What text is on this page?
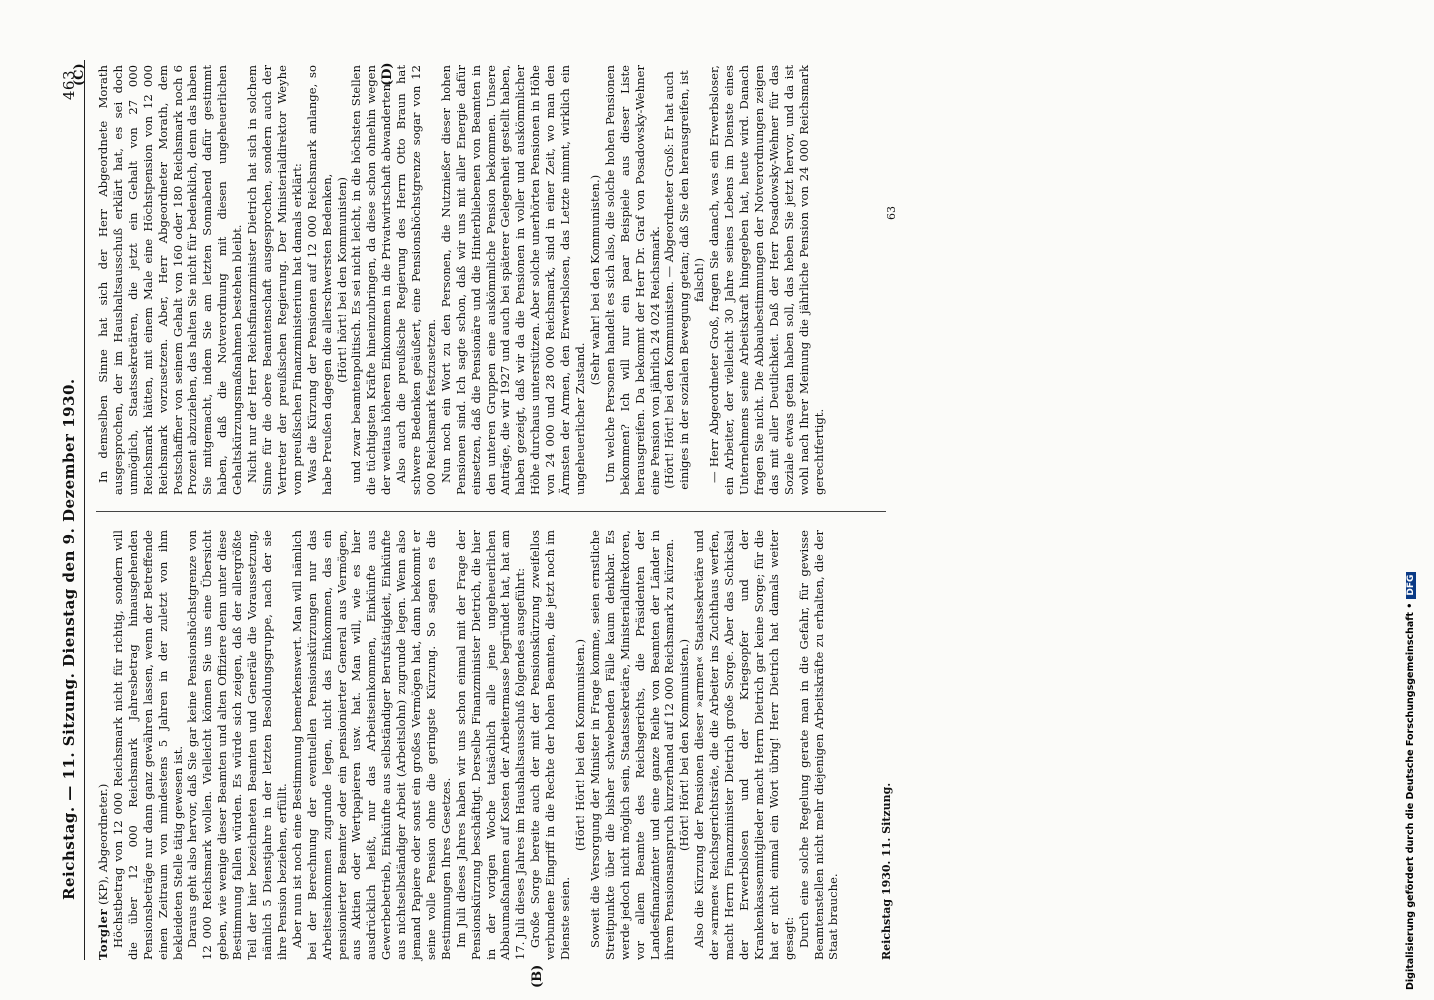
Reichstag. — 11. Sitzung. Dienstag den 9. Dezember 1930.
463

Torgler (KP), Abgeordneter.) Höchstbetrag von 12 000 Reichsmark nicht für richtig, sondern will die über 12 000 Reichsmark Jahresbetrag hinausgehenden Pensionsbeträge nur dann ganz gewähren lassen, wenn der Betreffende einen Zeitraum von mindestens 5 Jahren in der zuletzt von ihm bekleideten Stelle tätig gewesen ist. Daraus geht also hervor, daß Sie gar keine Pensionshöchstgrenze von 12 000 Reichsmark wollen. Vielleicht können Sie uns eine Übersicht geben, wie wenige dieser Beamten und alten Offiziere denn unter diese Bestimmung fallen würden. Es würde sich zeigen, daß der allergrößte Teil der hier bezeichneten Beamten und Generäle die Voraussetzung, nämlich 5 Dienstjahre in der letzten Besoldungsgruppe, nach der sie ihre Pension beziehen, erfüllt. Aber nun ist noch eine Bestimmung bemerkenswert. Man will nämlich bei der Berechnung der eventuellen Pensionskürzungen nur das Arbeitseinkommen zugrunde legen, nicht das Einkommen, das ein pensionierter Beamter oder ein pensionierter General aus Vermögen, aus Aktien oder Wertpapieren usw. hat. Man will, wie es hier ausdrücklich heißt, nur das Arbeitseinkommen, Einkünfte aus Gewerbebetrieb, Einkünfte aus selbständiger Berufstätigkeit, Einkünfte aus nichtselbständiger Arbeit (Arbeitslohn) zugrunde legen. Wenn also jemand Papiere oder sonst ein großes Vermögen hat, dann bekommt er seine volle Pension ohne die geringste Kürzung. So sagen es die Bestimmungen Ihres Gesetzes. Im Juli dieses Jahres haben wir uns schon einmal mit der Frage der Pensionskürzung beschäftigt. Derselbe Finanzminister Dietrich, die hier in der vorigen Woche tatsächlich alle jene ungeheuerlichen Abbaumaßnahmen auf Kosten der Arbeitermasse begründet hat, hat am 17. Juli dieses Jahres im Haushaltsausschuß folgendes ausgeführt: Große Sorge bereite auch der mit der Pensionskürzung zweifellos verbundene Eingriff in die Rechte der hohen Beamten, die jetzt noch im Dienste seien.

(Hört! Hört! bei den Kommunisten.) Soweit die Versorgung der Minister in Frage komme, seien ernstliche Streitpunkte über die bisher schwebenden Fälle kaum denkbar. Es werde jedoch nicht möglich sein, Staatssekretäre, Ministerialdirektoren, vor allem Beamte des Reichsgerichts, die Präsidenten der Landesfinanzämter und eine ganze Reihe von Beamten der Länder in ihrem Pensionsanspruch kurzerhand auf 12 000 Reichsmark zu kürzen. (Hört! Hört! bei den Kommunisten.) Also die Kürzung der Pensionen dieser »armen« Staatssekretäre und der »armen« Reichsgerichtsräte, die die Arbeiter ins Zuchthaus werfen, macht Herrn Finanzminister Dietrich große Sorge. Aber das Schicksal der Erwerbslosen und der Kriegsopfer und der Krankenkassenmitglieder macht Herrn Dietrich gar keine Sorge; für die hat er nicht einmal ein Wort übrig! Herr Dietrich hat damals weiter gesagt: Durch eine solche Regelung gerate man in die Gefahr, für gewisse Beamtenstellen nicht mehr diejenigen Arbeitskräfte zu erhalten, die der Staat brauche.

In demselben Sinne hat sich der Herr Abgeordnete Morath ausgesprochen, der im Haushaltsausschuß erklärt hat, es sei doch unmöglich, Staatssekretären, die jetzt ein Gehalt von 27 000 Reichsmark hätten, mit einem Male eine Höchstpension von 12 000 Reichsmark vorzusetzen. Aber, Herr Abgeordneter Morath, dem Postschaffner von seinem Gehalt von 160 oder 180 Reichsmark noch 6 Prozent abzuziehen, das halten Sie nicht für bedenklich, denn das haben Sie mitgemacht, indem Sie am letzten Sonnabend dafür gestimmt haben, daß die Notverordnung mit diesen ungeheuerlichen Gehaltskürzungsmaßnahmen bestehen bleibt. Nicht nur der Herr Reichsfinanzminister Dietrich hat sich in solchem Sinne für die obere Beamtenschaft ausgesprochen, sondern auch der Vertreter der preußischen Regierung. Der Ministerialdirektor Weyhe vom preußischen Finanzministerium hat damals erklärt: Was die Kürzung der Pensionen auf 12 000 Reichsmark anlange, so habe Preußen dagegen die allerschwersten Bedenken, (Hört! hört! bei den Kommunisten) und zwar beamtenpolitisch. Es sei nicht leicht, in die höchsten Stellen die tüchtigsten Kräfte hineinzubringen, da diese schon ohnehin wegen der weitaus höheren Einkommen in die Privatwirtschaft abwanderten. Also auch die preußische Regierung des Herrn Otto Braun hat schwere Bedenken geäußert, eine Pensionshöchstgrenze sogar von 12 000 Reichsmark festzusetzen. Nun noch ein Wort zu den Personen, die Nutznießer dieser hohen Pensionen sind. Ich sagte schon, daß wir uns mit aller Energie dafür einsetzen, daß die Pensionäre und die Hinterbliebenen von Beamten in den unteren Gruppen eine auskömmliche Pension bekommen. Unsere Anträge, die wir 1927 und auch bei späterer Gelegenheit gestellt haben, haben gezeigt, daß wir da die Pensionen in voller und auskömmlicher Höhe durchaus unterstützen. Aber solche unerhörten Pensionen in Höhe von 24 000 und 28 000 Reichsmark, sind in einer Zeit, wo man den Ärmsten der Armen, den Erwerbslosen, das Letzte nimmt, wirklich ein ungeheuerlicher Zustand.

(Sehr wahr! bei den Kommunisten.) Um welche Personen handelt es sich also, die solche hohen Pensionen bekommen? Ich will nur ein paar Beispiele aus dieser Liste herausgreifen. Da bekommt der Herr Dr. Graf von Posadowsky-Wehner eine Pension von jährlich 24 024 Reichsmark. (Hört! Hört! bei den Kommunisten. — Abgeordneter Groß: Er hat auch einiges in der sozialen Bewegung getan; daß Sie den herausgreifen, ist falsch!) — Herr Abgeordneter Groß, fragen Sie danach, was ein Erwerbsloser, ein Arbeiter, der vielleicht 30 Jahre seines Lebens im Dienste eines Unternehmens seine Arbeitskraft hingegeben hat, heute wird. Danach fragen Sie nicht. Die Abbaubestimmungen der Notverordnungen zeigen das mit aller Deutlichkeit. Daß der Herr Posadowsky-Wehner für das Soziale etwas getan haben soll, das heben Sie jetzt hervor, und da ist wohl nach Ihrer Meinung die jährliche Pension von 24 000 Reichsmark gerechtfertigt.

(B)
(C)	(D)
Reichstag 1930. 11. Sitzung.
63
Digitalisierung gefördert durch die Deutsche Forschungsgemeinschaft •DFG
